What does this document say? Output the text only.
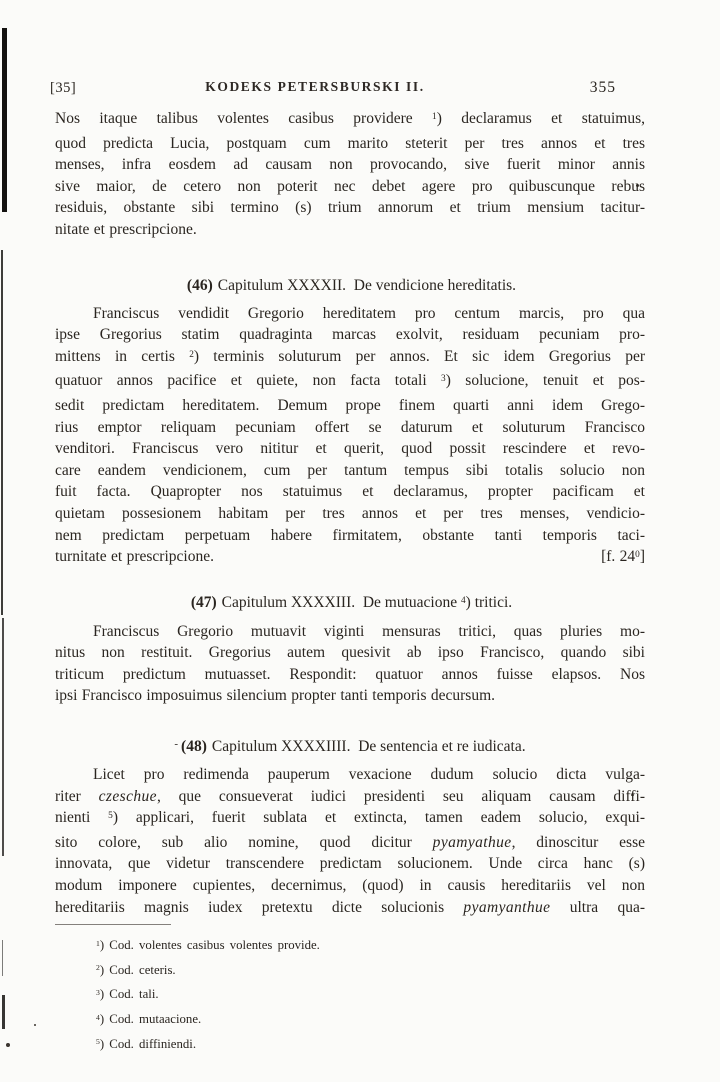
[35]	KODEKS PETERSBURSKI II.	355
Nos itaque talibus volentes casibus providere $^1$) declaramus et statuimus,
quod predicta Lucia, postquam cum marito steterit per tres annos et tres
menses, infra eosdem ad causam non provocando, sive fuerit minor annis
sive maior, de cetero non poterit nec debet agere pro quibuscunque rebus
residuis, obstante sibi termino (s) trium annorum et trium mensium tacitur-
nitate et prescripcione.
(46) Capitulum XXXXII.  De vendicione hereditatis.
Franciscus vendidit Gregorio hereditatem pro centum marcis, pro qua
ipse Gregorius statim quadraginta marcas exolvit, residuam pecuniam pro-
mittens in certis $^2$) terminis soluturum per annos. Et sic idem Gregorius per
quatuor annos pacifice et quiete, non facta totali $^3$) solucione, tenuit et pos-
sedit predictam hereditatem. Demum prope finem quarti anni idem Grego-
rius emptor reliquam pecuniam offert se daturum et soluturum Francisco
venditori. Franciscus vero nititur et querit, quod possit rescindere et revo-
care eandem vendicionem, cum per tantum tempus sibi totalis solucio non
fuit facta. Quapropter nos statuimus et declaramus, propter pacificam et
quietam possesionem habitam per tres annos et per tres menses, vendicio-
nem predictam perpetuam habere firmitatem, obstante tanti temporis taci-
turnitate et prescripcione.	[f. $24^0$]
(47) Capitulum XXXXIII.  De mutuacione $^4$) tritici.
Franciscus Gregorio mutuavit viginti mensuras tritici, quas pluries mo-
nitus non restituit. Gregorius autem quesivit ab ipso Francisco, quando sibi
triticum predictum mutuasset. Respondit: quatuor annos fuisse elapsos. Nos
ipsi Francisco imposuimus silencium propter tanti temporis decursum.
- (48) Capitulum XXXXIIII.  De sentencia et re iudicata.
Licet pro redimenda pauperum vexacione dudum solucio dicta vulga-
riter czeschue, que consueverat iudici presidenti seu aliquam causam diffi-
nienti $^5$) applicari, fuerit sublata et extincta, tamen eadem solucio, exqui-
sito colore, sub alio nomine, quod dicitur pyamyathue, dinoscitur esse
innovata, que videtur transcendere predictam solucionem. Unde circa hanc (s)
modum imponere cupientes, decernimus, (quod) in causis hereditariis vel non
hereditariis magnis iudex pretextu dicte solucionis pyamyanthue ultra qua-
$^1$) Cod. volentes casibus volentes provide.
$^2$) Cod. ceteris.
$^3$) Cod. tali.
$^4$) Cod. mutaacione.
$^5$) Cod. diffiniendi.
